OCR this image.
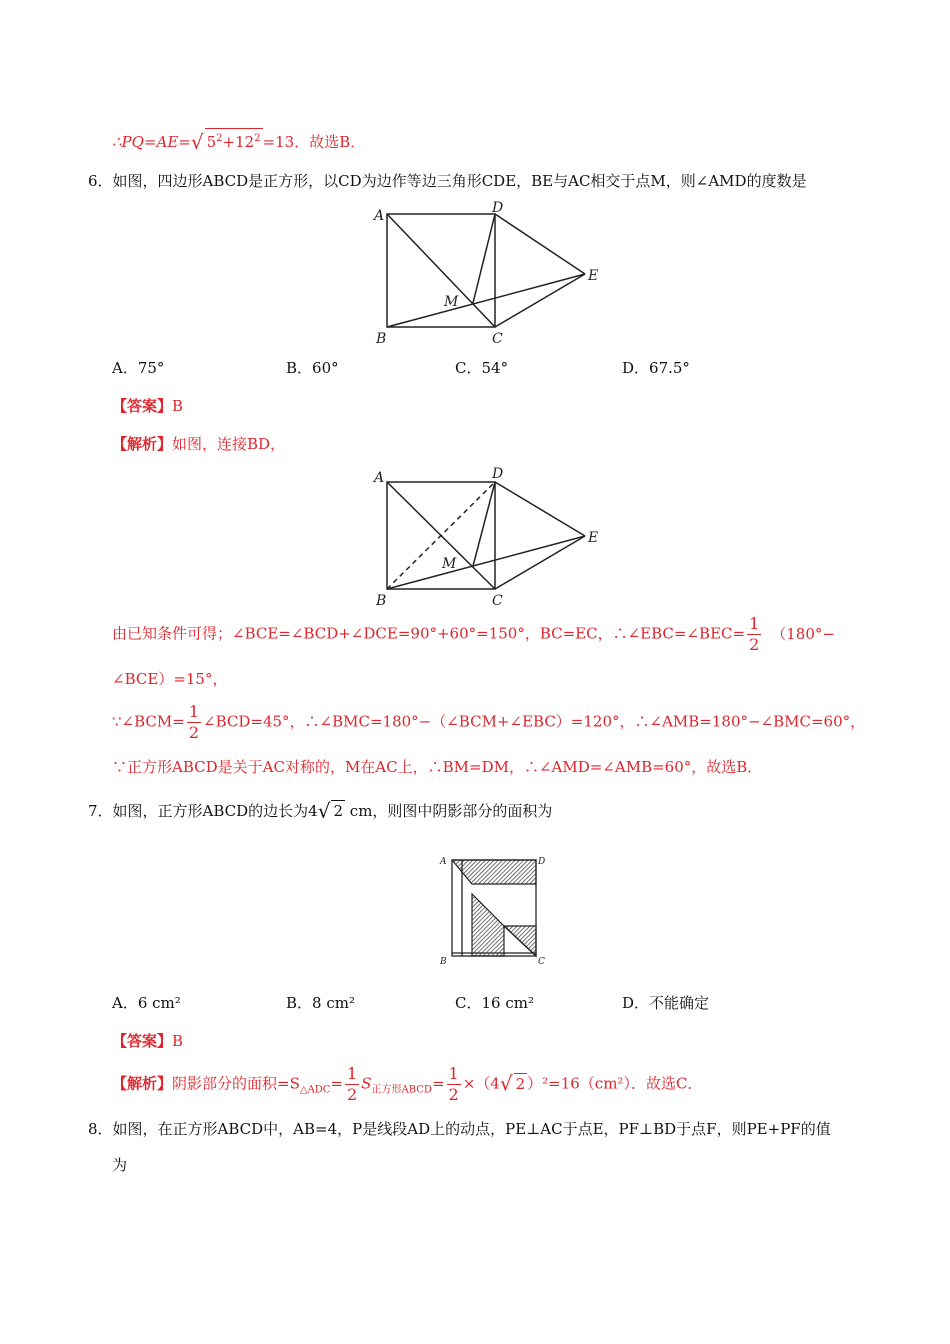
∴PQ=AE=√ $5^2+12^2 =13$．故选B．
6．如图，四边形ABCD是正方形，以CD为边作等边三角形CDE，BE与AC相交于点M，则∠AMD的度数是
A	D
E
M
B	C
A．75°	B．60°	C．54°	D．67.5°
【答案】B
【解析】如图，连接BD，
A	D
E
M
B	C
由已知条件可得；∠BCE=∠BCD+∠DCE=90°+60°=150°，BC=EC，∴∠EBC=∠BEC= $\frac{1}{2} (180^\circ-$
∠BCE）=15°，
∵∠BCM= $\frac{1}{2}$ ∠BCD=45°，∴∠BMC=180°−（∠BCM+∠EBC）=120°，∴∠AMB=180°−∠BMC=60°，
∵正方形ABCD是关于AC对称的，M在AC上，∴BM=DM，∴∠AMD=∠AMB=60°，故选B．
7．如图，正方形ABCD的边长为4√ 2 cm，则图中阴影部分的面积为
A	D
B	C
A．6 cm²	B．8 cm²	C．16 cm²	D．不能确定
【答案】B
【解析】阴影部分的面积$=S_{\triangle ADC}= \frac{1}{2} S_{正方形ABCD}= \frac{1}{2} \times(4√$ 2 ）²=16（cm²）．故选C．
8．如图，在正方形ABCD中，AB=4，P是线段AD上的动点，PE⊥AC于点E，PF⊥BD于点F，则PE+PF的值
为
